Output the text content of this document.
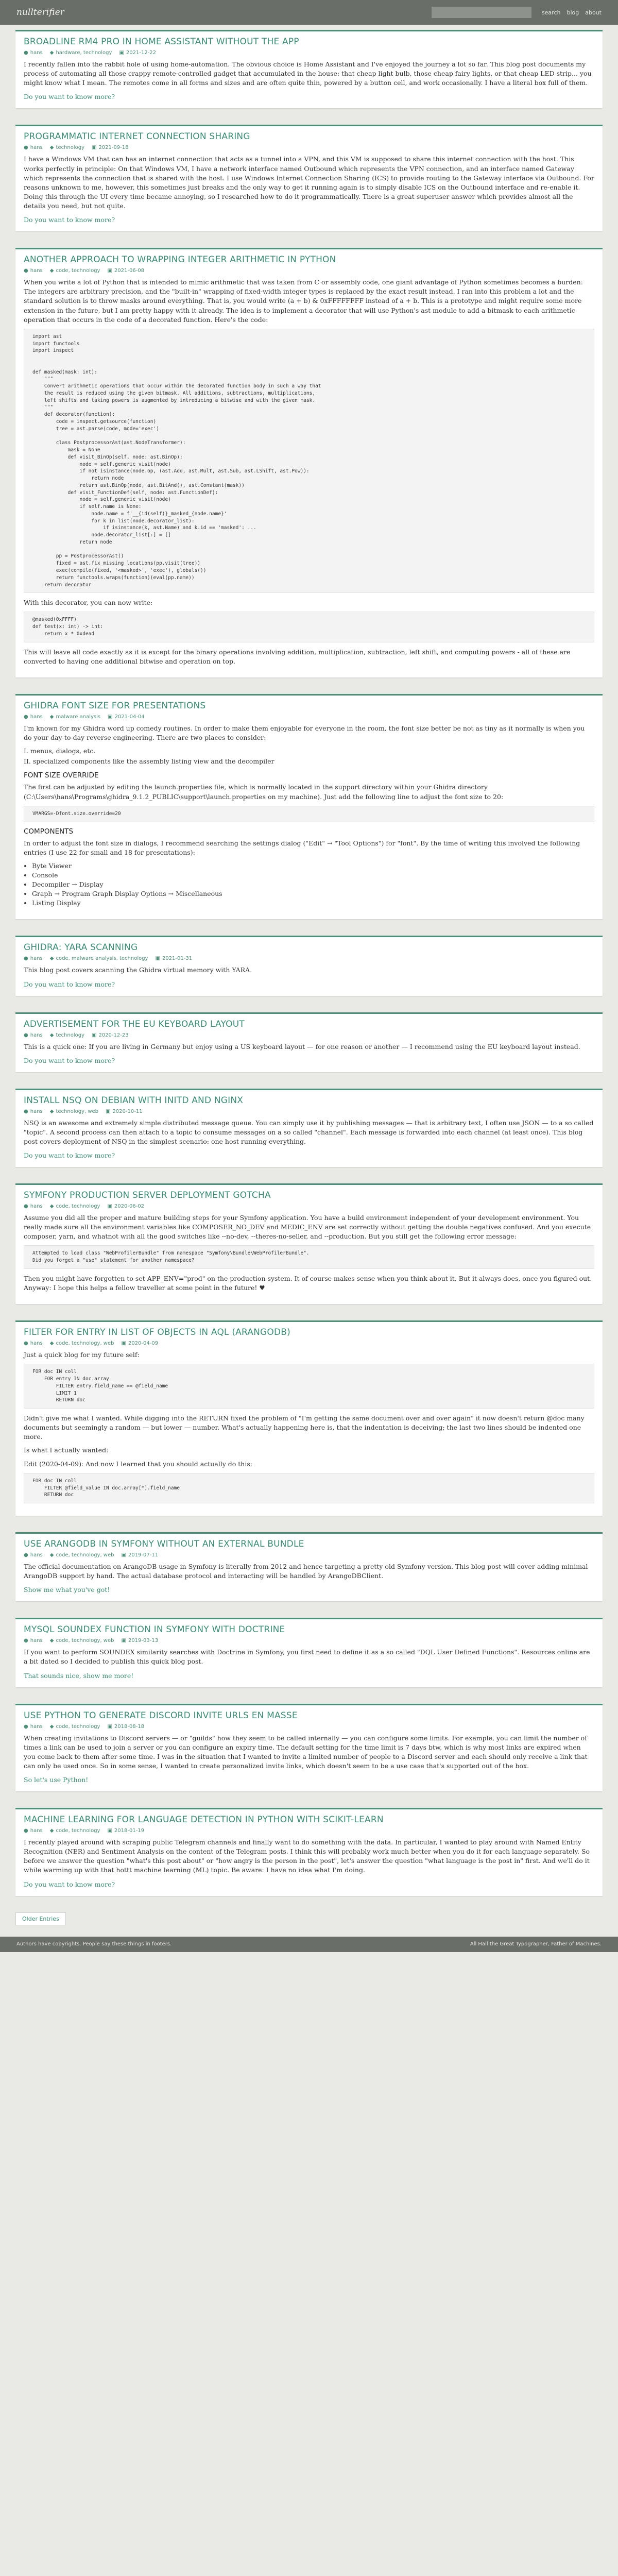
nullterifier	search blog about
BROADLINE RM4 PRO IN HOME ASSISTANT WITHOUT THE APP
● hans ◆ hardware, technology ▣ 2021-12-22

I recently fallen into the rabbit hole of using home-automation. The obvious choice is Home Assistant and I've enjoyed the journey a lot so far. This blog post documents my process of automating all those crappy remote-controlled gadget that accumulated in the house: that cheap light bulb, those cheap fairy lights, or that cheap LED strip... you might know what I mean. The remotes come in all forms and sizes and are often quite thin, powered by a button cell, and work occasionally. I have a literal box full of them.

Do you want to know more?
PROGRAMMATIC INTERNET CONNECTION SHARING
● hans ◆ technology ▣ 2021-09-18

I have a Windows VM that can has an internet connection that acts as a tunnel into a VPN, and this VM is supposed to share this internet connection with the host. This works perfectly in principle: On that Windows VM, I have a network interface named Outbound which represents the VPN connection, and an interface named Gateway which represents the connection that is shared with the host. I use Windows Internet Connection Sharing (ICS) to provide routing to the Gateway interface via Outbound. For reasons unknown to me, however, this sometimes just breaks and the only way to get it running again is to simply disable ICS on the Outbound interface and re-enable it. Doing this through the UI every time became annoying, so I researched how to do it programmatically. There is a great superuser answer which provides almost all the details you need, but not quite.

Do you want to know more?
ANOTHER APPROACH TO WRAPPING INTEGER ARITHMETIC IN PYTHON
● hans ◆ code, technology ▣ 2021-06-08

When you write a lot of Python that is intended to mimic arithmetic that was taken from C or assembly code, one giant advantage of Python sometimes becomes a burden: The integers are arbitrary precision, and the "built-in" wrapping of fixed-width integer types is replaced by the exact result instead. I ran into this problem a lot and the standard solution is to throw masks around everything. That is, you would write (a + b) & 0xFFFFFFFF instead of a + b. This is a prototype and might require some more extension in the future, but I am pretty happy with it already. The idea is to implement a decorator that will use Python's ast module to add a bitmask to each arithmetic operation that occurs in the code of a decorated function. Here's the code:

import ast
import functools
import inspect

def masked(mask: int):
"""
Convert arithmetic operations that occur within the decorated function body in such a way that
the result is reduced using the given bitmask. All additions, subtractions, multiplications,
left shifts and taking powers is augmented by introducing a bitwise and with the given mask.
"""
def decorator(function):
code = inspect.getsource(function)
tree = ast.parse(code, mode='exec')

class PostprocessorAst(ast.NodeTransformer):
mask = None
def visit_BinOp(self, node: ast.BinOp):
node = self.generic_visit(node)
if not isinstance(node.op, (ast.Add, ast.Mult, ast.Sub, ast.LShift, ast.Pow)):
return node
return ast.BinOp(node, ast.BitAnd(), ast.Constant(mask))
def visit_FunctionDef(self, node: ast.FunctionDef):
node = self.generic_visit(node)
if self.name is None:
node.name = f'__{id(self)}_masked_{node.name}'
for k in list(node.decorator_list):
if isinstance(k, ast.Name) and k.id == 'masked': ...
node.decorator_list[:] = []
return node

pp = PostprocessorAst()
fixed = ast.fix_missing_locations(pp.visit(tree))
exec(compile(fixed, '<masked>', 'exec'), globals())
return functools.wraps(function)(eval(pp.name))
return decorator

With this decorator, you can now write:

@masked(0xFFFF)
def test(x: int) -> int:
return x * 0xdead

This will leave all code exactly as it is except for the binary operations involving addition, multiplication, subtraction, left shift, and computing powers - all of these are converted to having one additional bitwise and operation on top.

GHIDRA FONT SIZE FOR PRESENTATIONS
● hans ◆ malware analysis ▣ 2021-04-04

I'm known for my Ghidra word up comedy routines. In order to make them enjoyable for everyone in the room, the font size better be not as tiny as it normally is when you do your day-to-day reverse engineering. There are two places to consider:

I. menus, dialogs, etc.

II. specialized components like the assembly listing view and the decompiler

FONT SIZE OVERRIDE

The first can be adjusted by editing the launch.properties file, which is normally located in the support directory within your Ghidra directory (C:\Users\hans\Programs\ghidra_9.1.2_PUBLIC\support\launch.properties on my machine). Just add the following line to adjust the font size to 20:

VMARGS=-Dfont.size.override=20
COMPONENTS

In order to adjust the font size in dialogs, I recommend searching the settings dialog ("Edit" → "Tool Options") for "font". By the time of writing this involved the following entries (I use 22 for small and 18 for presentations):

• Byte Viewer
• Console
• Decompiler → Display
• Graph → Program Graph Display Options → Miscellaneous
• Listing Display
GHIDRA: YARA SCANNING
● hans ◆ code, malware analysis, technology ▣ 2021-01-31

This blog post covers scanning the Ghidra virtual memory with YARA.

Do you want to know more?
ADVERTISEMENT FOR THE EU KEYBOARD LAYOUT
● hans ◆ technology ▣ 2020-12-23

This is a quick one: If you are living in Germany but enjoy using a US keyboard layout — for one reason or another — I recommend using the EU keyboard layout instead.

Do you want to know more?
INSTALL NSQ ON DEBIAN WITH INITD AND NGINX
● hans ◆ technology, web ▣ 2020-10-11

NSQ is an awesome and extremely simple distributed message queue. You can simply use it by publishing messages — that is arbitrary text, I often use JSON — to a so called "topic". A second process can then attach to a topic to consume messages on a so called "channel". Each message is forwarded into each channel (at least once). This blog post covers deployment of NSQ in the simplest scenario: one host running everything.

Do you want to know more?
SYMFONY PRODUCTION SERVER DEPLOYMENT GOTCHA
● hans ◆ code, technology ▣ 2020-06-02

Assume you did all the proper and mature building steps for your Symfony application. You have a build environment independent of your development environment. You really made sure all the environment variables like COMPOSER_NO_DEV and MEDIC_ENV are set correctly without getting the double negatives confused. And you execute composer, yarn, and whatnot with all the good switches like --no-dev, --theres-no-seller, and --production. But you still get the following error message:

Attempted to load class "WebProfilerBundle" from namespace "Symfony\Bundle\WebProfilerBundle".
Did you forget a "use" statement for another namespace?

Then you might have forgotten to set APP_ENV="prod" on the production system. It of course makes sense when you think about it. But it always does, once you figured out. Anyway: I hope this helps a fellow traveller at some point in the future! ♥

FILTER FOR ENTRY IN LIST OF OBJECTS IN AQL (ARANGODB)
● hans ◆ code, technology, web ▣ 2020-04-09

Just a quick blog for my future self:

FOR doc IN coll
FOR entry IN doc.array
FILTER entry.field_name == @field_name
LIMIT 1
RETURN doc

Didn't give me what I wanted. While digging into the RETURN fixed the problem of "I'm getting the same document over and over again" it now doesn't return @doc many documents but seemingly a random — but lower — number. What's actually happening here is, that the indentation is deceiving; the last two lines should be indented one more.

Is what I actually wanted:

Edit (2020-04-09): And now I learned that you should actually do this:

FOR doc IN coll
FILTER @field_value IN doc.array[*].field_name
RETURN doc
USE ARANGODB IN SYMFONY WITHOUT AN EXTERNAL BUNDLE
● hans ◆ code, technology, web ▣ 2019-07-11

The official documentation on ArangoDB usage in Symfony is literally from 2012 and hence targeting a pretty old Symfony version. This blog post will cover adding minimal ArangoDB support by hand. The actual database protocol and interacting will be handled by ArangoDBClient.

Show me what you've got!
MYSQL SOUNDEX FUNCTION IN SYMFONY WITH DOCTRINE
● hans ◆ code, technology, web ▣ 2019-03-13

If you want to perform SOUNDEX similarity searches with Doctrine in Symfony, you first need to define it as a so called "DQL User Defined Functions". Resources online are a bit dated so I decided to publish this quick blog post.

That sounds nice, show me more!
USE PYTHON TO GENERATE DISCORD INVITE URLS EN MASSE
● hans ◆ code, technology ▣ 2018-08-18

When creating invitations to Discord servers — or "guilds" how they seem to be called internally — you can configure some limits. For example, you can limit the number of times a link can be used to join a server or you can configure an expiry time. The default setting for the time limit is 7 days btw, which is why most links are expired when you come back to them after some time. I was in the situation that I wanted to invite a limited number of people to a Discord server and each should only receive a link that can only be used once. So in some sense, I wanted to create personalized invite links, which doesn't seem to be a use case that's supported out of the box.

So let's use Python!
MACHINE LEARNING FOR LANGUAGE DETECTION IN PYTHON WITH SCIKIT-LEARN
● hans ◆ code, technology ▣ 2018-01-19

I recently played around with scraping public Telegram channels and finally want to do something with the data. In particular, I wanted to play around with Named Entity Recognition (NER) and Sentiment Analysis on the content of the Telegram posts. I think this will probably work much better when you do it for each language separately. So before we answer the question "what's this post about" or "how angry is the person in the post", let's answer the question "what language is the post in" first. And we'll do it while warming up with that hottt machine learning (ML) topic. Be aware: I have no idea what I'm doing.

Do you want to know more?
Older Entries
Authors have copyrights. People say these things in footers.	All Hail the Great Typographer, Father of Machines.
